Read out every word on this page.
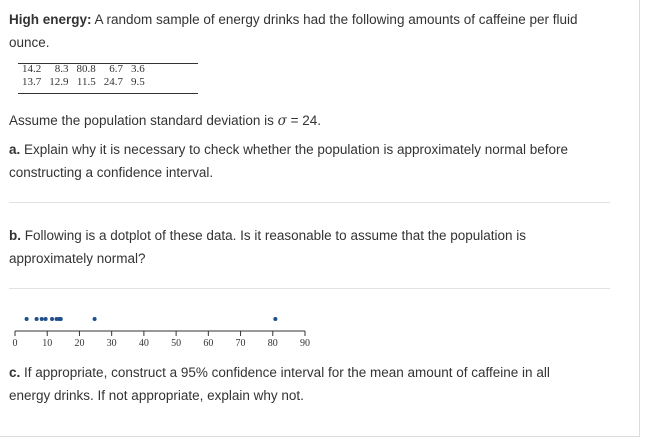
High energy: A random sample of energy drinks had the following amounts of caffeine per fluid
ounce.
14.2	8.3	80.8	6.7	3.6
13.7	12.9	11.5	24.7	9.5
Assume the population standard deviation is σ = 24.
a. Explain why it is necessary to check whether the population is approximately normal before
constructing a confidence interval.
b. Following is a dotplot of these data. Is it reasonable to assume that the population is
approximately normal?
0 10 20 30 40 50 60 70 80 90
c. If appropriate, construct a 95% confidence interval for the mean amount of caffeine in all
energy drinks. If not appropriate, explain why not.
